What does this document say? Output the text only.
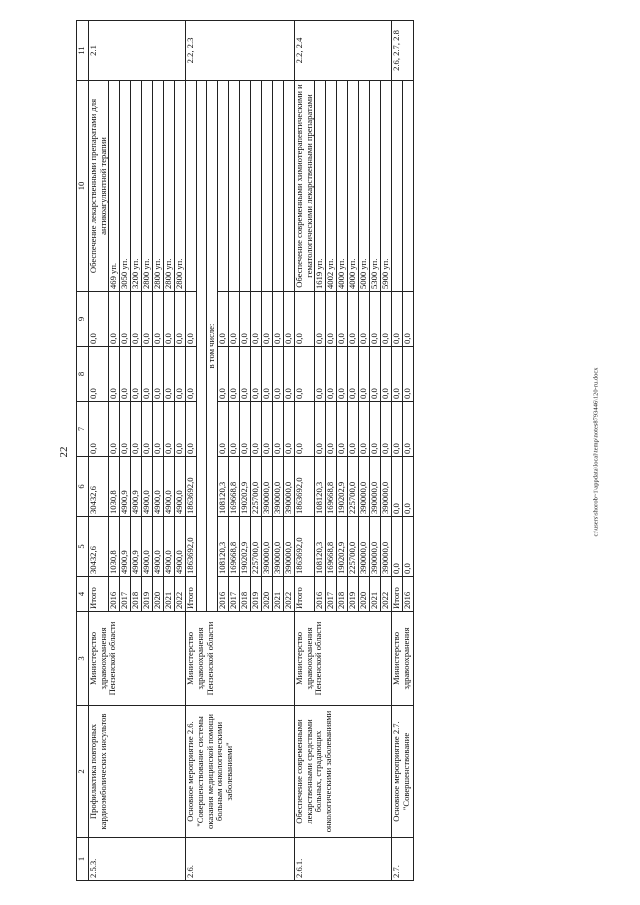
22
1	2	3	4	5	6	7	8	9	10	11
2.5.3.	Профилактика повторных кардиоэмболических инсультов	Министерство здравоохранения Пензенской области	Итого	30432,6	30432,6	0,0	0,0	0,0	Обеспечение лекарственными препаратами для антикоагулянтной терапии	2.1
			2016	1030,8	1030,8	0,0	0,0	0,0	469 уп.	
			2017	4900,9	4900,9	0,0	0,0	0,0	3050 уп.	
			2018	4900,9	4900,9	0,0	0,0	0,0	3200 уп.	
			2019	4900,0	4900,0	0,0	0,0	0,0	2800 уп.	
			2020	4900,0	4900,0	0,0	0,0	0,0	2800 уп.	
			2021	4900,0	4900,0	0,0	0,0	0,0	2800 уп.	
			2022	4900,0	4900,0	0,0	0,0	0,0	2800 уп.	
2.6.	Основное мероприятие 2.6. "Совершенствование системы оказания медицинской помощи больным онкологическими заболеваниями"	Министерство здравоохранения Пензенской области	Итого	1863692,0	1863692,0	0,0	0,0	0,0		2.2, 2.3

			в том числе:							
			2016	108120,3	108120,3	0,0	0,0	0,0		
			2017	169668,8	169668,8	0,0	0,0	0,0		
			2018	190202,9	190202,9	0,0	0,0	0,0		
			2019	225700,0	225700,0	0,0	0,0	0,0		
			2020	390000,0	390000,0	0,0	0,0	0,0		
			2021	390000,0	390000,0	0,0	0,0	0,0		
			2022	390000,0	390000,0	0,0	0,0	0,0		
2.6.1.	Обеспечение современными лекарственными средствами больных, страдающих онкологическими заболеваниями	Министерство здравоохранения Пензенской области	Итого	1863692,0	1863692,0	0,0	0,0	0,0	Обеспечение современными химиотерапевтическими и гематологическими лекарственными препаратами	2.2, 2.4
			2016	108120,3	108120,3	0,0	0,0	0,0	1619 уп.	
			2017	169668,8	169668,8	0,0	0,0	0,0	4002 уп.	
			2018	190202,9	190202,9	0,0	0,0	0,0	4000 уп.	
			2019	225700,0	225700,0	0,0	0,0	0,0	4000 уп.	
			2020	390000,0	390000,0	0,0	0,0	0,0	5000 уп.	
			2021	390000,0	390000,0	0,0	0,0	0,0	5300 уп.	
			2022	390000,0	390000,0	0,0	0,0	0,0	5900 уп.	
2.7.	Основное мероприятие 2.7. "Совершенствование	Министерство здравоохранения	Итого	0,0	0,0	0,0	0,0	0,0		2.6, 2.7, 2.8
			2016	0,0	0,0	0,0	0,0	0,0		
c:\users\shorob~1\appdata\local\temp\notes8793446\120-ru.docx
